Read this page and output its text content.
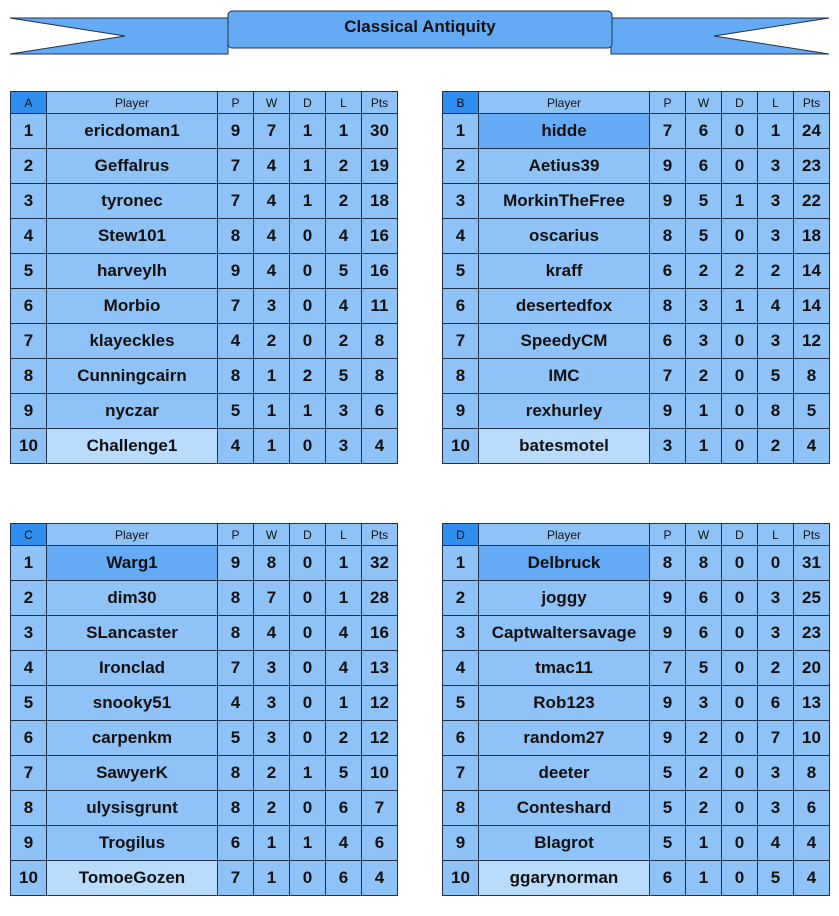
Classical Antiquity
A	Player	P	W	D	L	Pts
1	ericdoman1	9	7	1	1	30
2	Geffalrus	7	4	1	2	19
3	tyronec	7	4	1	2	18
4	Stew101	8	4	0	4	16
5	harveylh	9	4	0	5	16
6	Morbio	7	3	0	4	11
7	klayeckles	4	2	0	2	8
8	Cunningcairn	8	1	2	5	8
9	nyczar	5	1	1	3	6
10	Challenge1	4	1	0	3	4
B	Player	P	W	D	L	Pts
1	hidde	7	6	0	1	24
2	Aetius39	9	6	0	3	23
3	MorkinTheFree	9	5	1	3	22
4	oscarius	8	5	0	3	18
5	kraff	6	2	2	2	14
6	desertedfox	8	3	1	4	14
7	SpeedyCM	6	3	0	3	12
8	IMC	7	2	0	5	8
9	rexhurley	9	1	0	8	5
10	batesmotel	3	1	0	2	4
C	Player	P	W	D	L	Pts
1	Warg1	9	8	0	1	32
2	dim30	8	7	0	1	28
3	SLancaster	8	4	0	4	16
4	Ironclad	7	3	0	4	13
5	snooky51	4	3	0	1	12
6	carpenkm	5	3	0	2	12
7	SawyerK	8	2	1	5	10
8	ulysisgrunt	8	2	0	6	7
9	Trogilus	6	1	1	4	6
10	TomoeGozen	7	1	0	6	4
D	Player	P	W	D	L	Pts
1	Delbruck	8	8	0	0	31
2	joggy	9	6	0	3	25
3	Captwaltersavage	9	6	0	3	23
4	tmac11	7	5	0	2	20
5	Rob123	9	3	0	6	13
6	random27	9	2	0	7	10
7	deeter	5	2	0	3	8
8	Conteshard	5	2	0	3	6
9	Blagrot	5	1	0	4	4
10	ggarynorman	6	1	0	5	4
